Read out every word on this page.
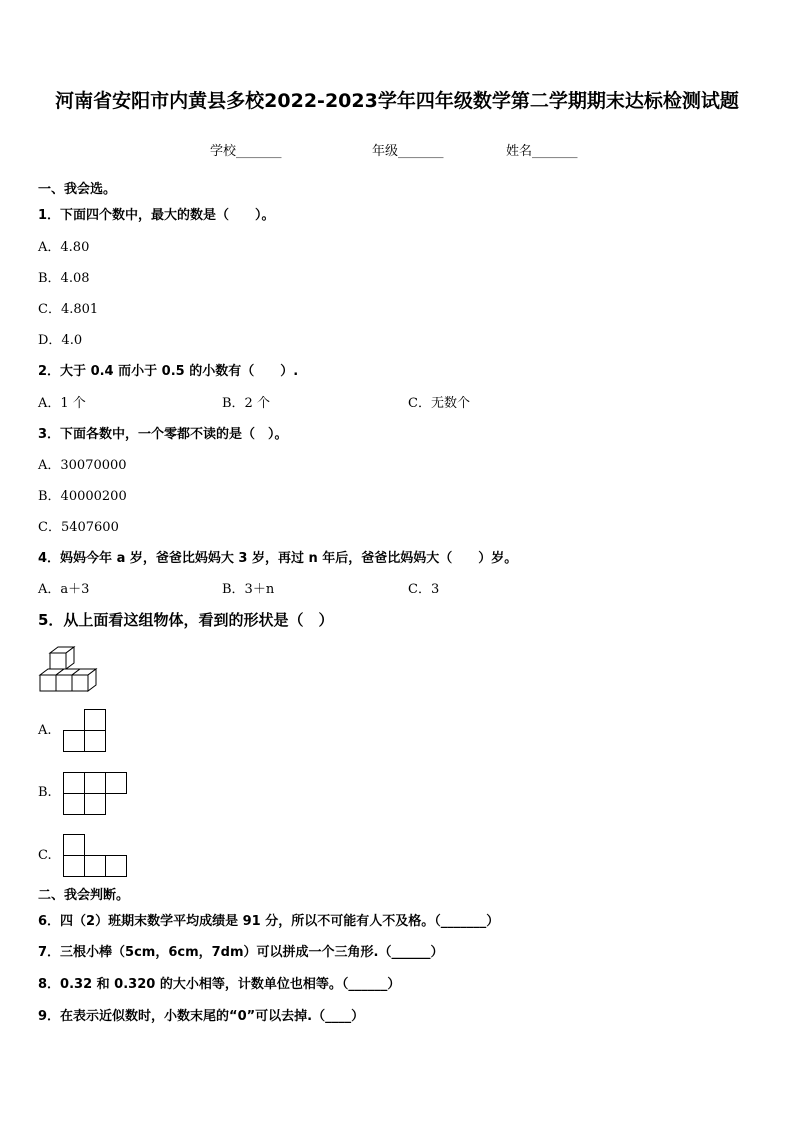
河南省安阳市内黄县多校2022-2023学年四年级数学第二学期期末达标检测试题
学校_______	年级_______	姓名_______
一、我会选。
1．下面四个数中，最大的数是（　　）。
A．4.80
B．4.08
C．4.801
D．4.0
2．大于 0.4 而小于 0.5 的小数有（　　）.
A．1 个	B．2 个	C．无数个
3．下面各数中，一个零都不读的是（　）。
A．30070000
B．40000200
C．5407600
4．妈妈今年 a 岁，爸爸比妈妈大 3 岁，再过 n 年后，爸爸比妈妈大（　　）岁。
A．a＋3	B．3＋n	C．3
5．从上面看这组物体，看到的形状是（　）
A.
B.
C.
二、我会判断。
6．四（2）班期末数学平均成绩是 91 分，所以不可能有人不及格。（_______）
7．三根小棒（5cm，6cm，7dm）可以拼成一个三角形.（______）
8．0.32 和 0.320 的大小相等，计数单位也相等。（______）
9．在表示近似数时，小数末尾的“0”可以去掉.（____）
